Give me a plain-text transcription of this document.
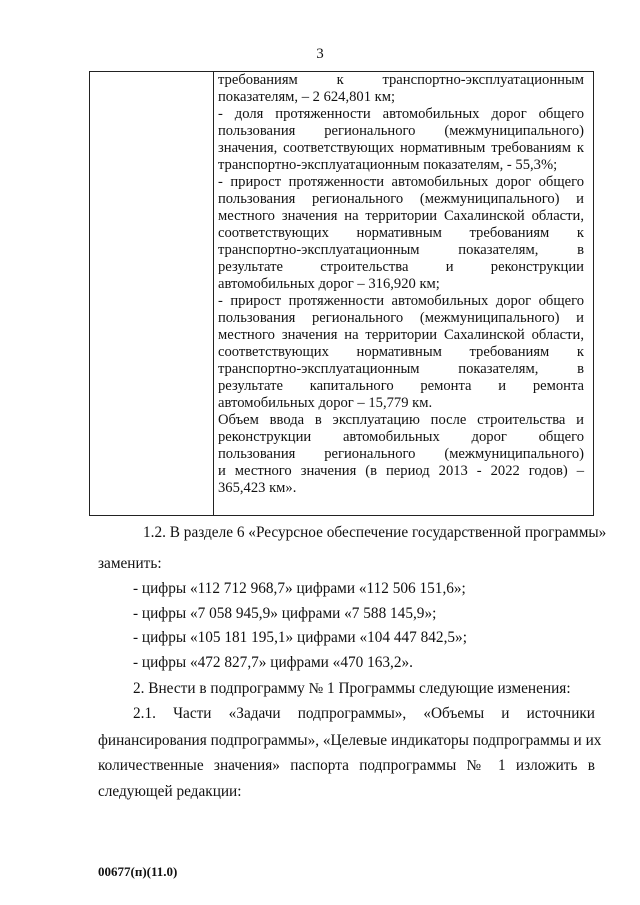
3
требованиям к транспортно-эксплуатационным
показателям, – 2 624,801 км;
- доля протяженности автомобильных дорог общего
пользования регионального (межмуниципального)
значения, соответствующих нормативным требованиям к
транспортно-эксплуатационным показателям, - 55,3%;
- прирост протяженности автомобильных дорог общего
пользования регионального (межмуниципального) и
местного значения на территории Сахалинской области,
соответствующих нормативным требованиям к
транспортно-эксплуатационным показателям, в
результате строительства и реконструкции
автомобильных дорог – 316,920 км;
- прирост протяженности автомобильных дорог общего
пользования регионального (межмуниципального) и
местного значения на территории Сахалинской области,
соответствующих нормативным требованиям к
транспортно-эксплуатационным показателям, в
результате капитального ремонта и ремонта
автомобильных дорог – 15,779 км.
Объем ввода в эксплуатацию после строительства и
реконструкции автомобильных дорог общего
пользования регионального (межмуниципального)
и местного значения (в период 2013 - 2022 годов) –
365,423 км».
1.2. В разделе 6 «Ресурсное обеспечение государственной программы»
заменить:
- цифры «112 712 968,7» цифрами «112 506 151,6»;
- цифры «7 058 945,9» цифрами «7 588 145,9»;
- цифры «105 181 195,1» цифрами «104 447 842,5»;
- цифры «472 827,7» цифрами «470 163,2».
2. Внести в подпрограмму № 1 Программы следующие изменения:
2.1. Части «Задачи подпрограммы», «Объемы и источники
финансирования подпрограммы», «Целевые индикаторы подпрограммы и их
количественные значения» паспорта подпрограммы № 1 изложить в
следующей редакции:
00677(п)(11.0)
